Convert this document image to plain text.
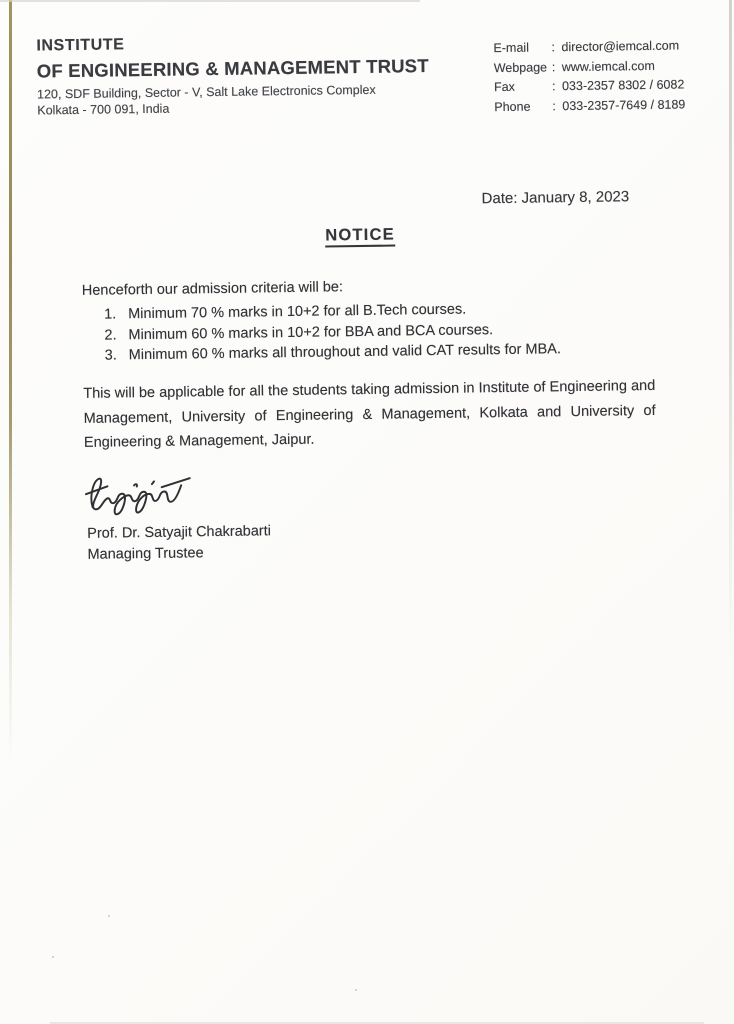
INSTITUTE
OF ENGINEERING & MANAGEMENT TRUST
120, SDF Building, Sector - V, Salt Lake Electronics Complex
Kolkata - 700 091, India
E-mail	: director@iemcal.com
Webpage : www.iemcal.com
Fax	: 033-2357 8302 / 6082
Phone	: 033-2357-7649 / 8189
Date: January 8, 2023
NOTICE
Henceforth our admission criteria will be:
1. Minimum 70 % marks in 10+2 for all B.Tech courses.
2. Minimum 60 % marks in 10+2 for BBA and BCA courses.
3. Minimum 60 % marks all throughout and valid CAT results for MBA.
This will be applicable for all the students taking admission in Institute of Engineering and Management, University of Engineering & Management, Kolkata and University of Engineering & Management, Jaipur.
Prof. Dr. Satyajit Chakrabarti
Managing Trustee
